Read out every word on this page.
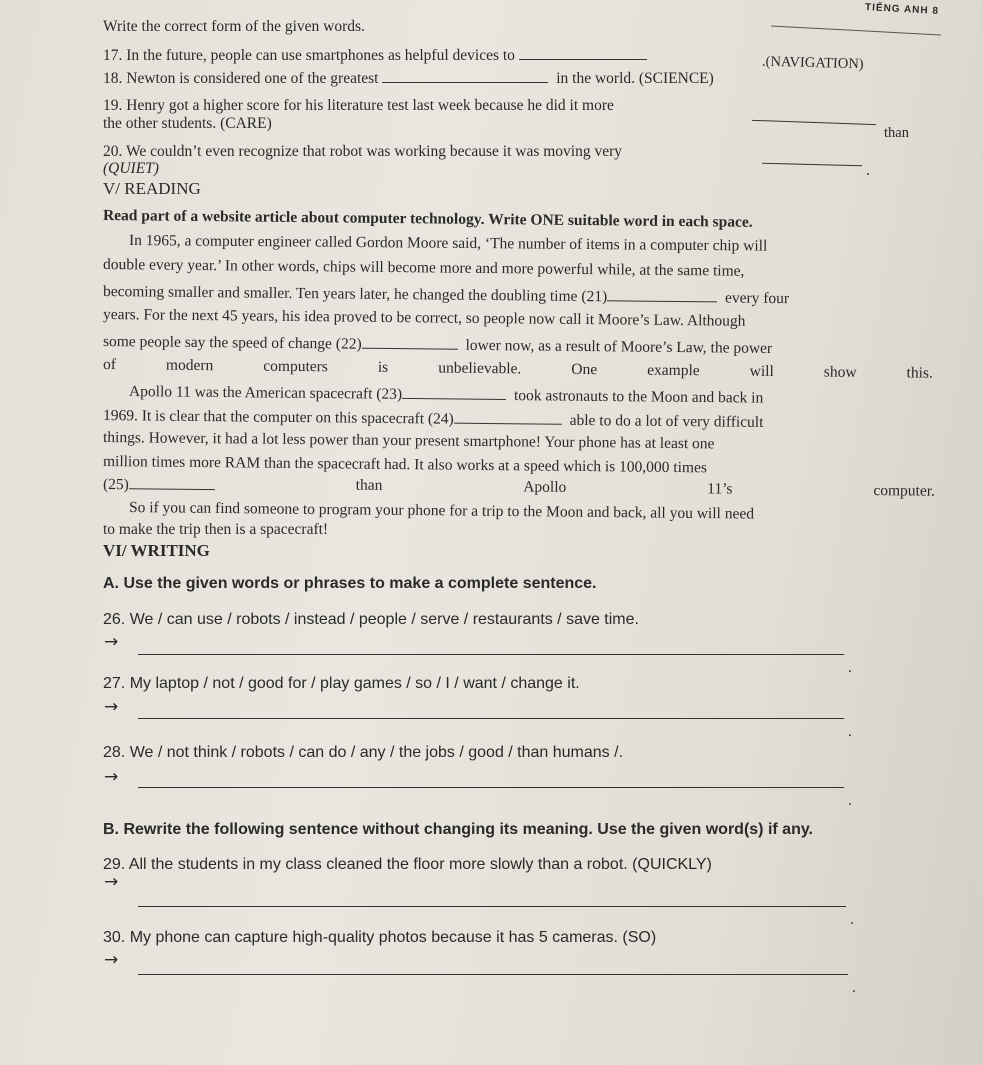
TIẾNG ANH 8
Write the correct form of the given words.
17. In the future, people can use smartphones as helpful devices to	.(NAVIGATION)
18. Newton is considered one of the greatest	in the world. (SCIENCE)
19. Henry got a higher score for his literature test last week because he did it more
the other students. (CARE)
than
20. We couldn’t even recognize that robot was working because it was moving very
.
(QUIET)
V/ READING
Read part of a website article about computer technology. Write ONE suitable word in each space.
In 1965, a computer engineer called Gordon Moore said, ‘The number of items in a computer chip will
double every year.’ In other words, chips will become more and more powerful while, at the same time,
becoming smaller and smaller. Ten years later, he changed the doubling time (21)	every four
years. For the next 45 years, his idea proved to be correct, so people now call it Moore’s Law. Although
some people say the speed of change (22)	lower now, as a result of Moore’s Law, the power
of	modern	computers	is	unbelievable.	One	example	will	show	this.
Apollo 11 was the American spacecraft (23)	took astronauts to the Moon and back in
1969. It is clear that the computer on this spacecraft (24)	able to do a lot of very difficult
things. However, it had a lot less power than your present smartphone! Your phone has at least one
million times more RAM than the spacecraft had. It also works at a speed which is 100,000 times
(25)	than	Apollo	11’s	computer.
So if you can find someone to program your phone for a trip to the Moon and back, all you will need
to make the trip then is a spacecraft!
VI/ WRITING
A. Use the given words or phrases to make a complete sentence.
26. We / can use / robots / instead / people / serve / restaurants / save time.
→
.
27. My laptop / not / good for / play games / so / I / want / change it.
→
.
28. We / not think / robots / can do / any / the jobs / good / than humans /.
→
.
B. Rewrite the following sentence without changing its meaning. Use the given word(s) if any.
29. All the students in my class cleaned the floor more slowly than a robot. (QUICKLY)
→
.
30. My phone can capture high-quality photos because it has 5 cameras. (SO)
→
.
